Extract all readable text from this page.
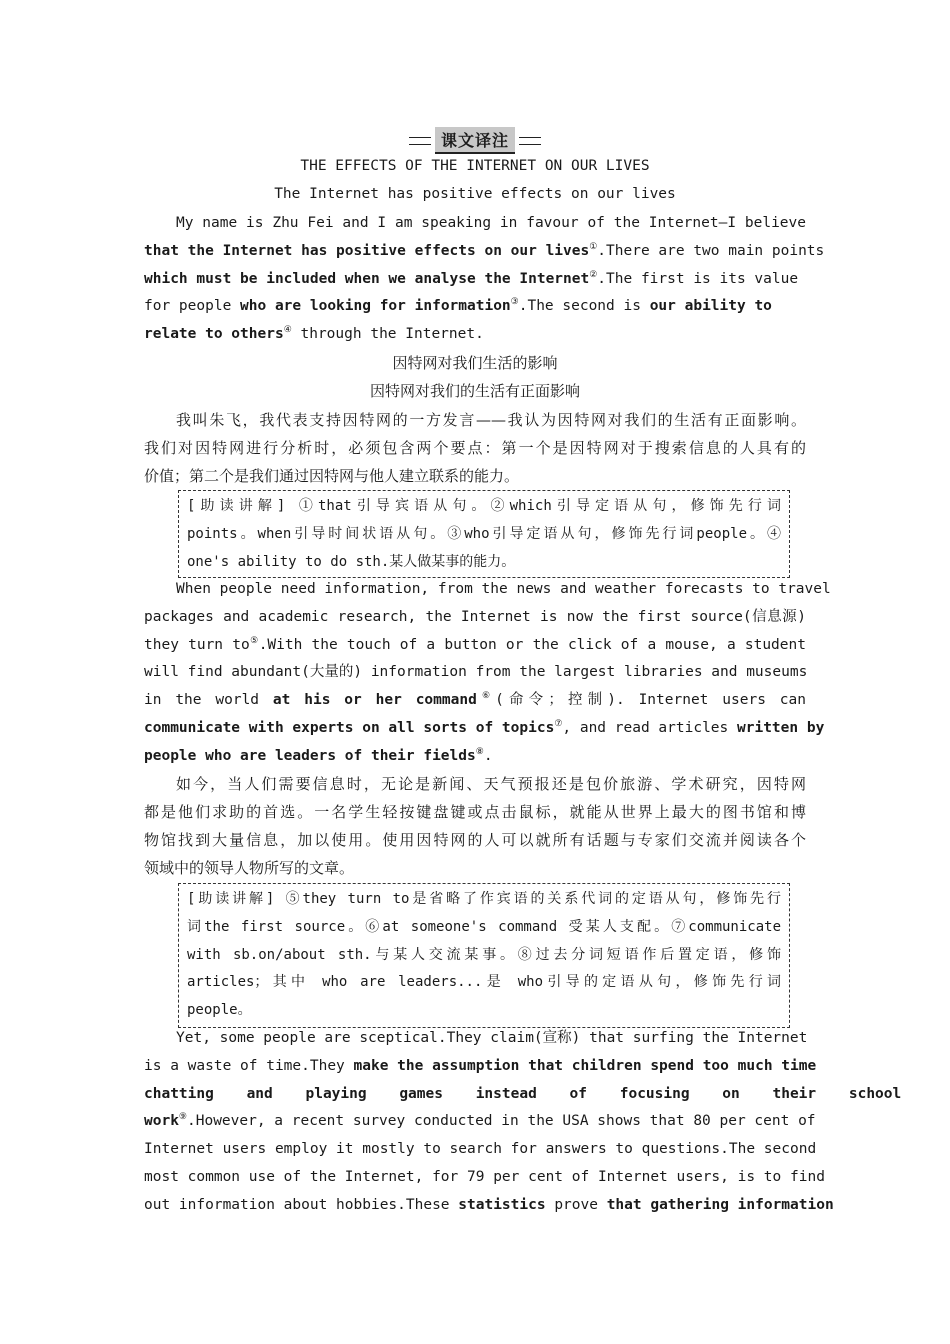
课文译注
THE EFFECTS OF THE INTERNET ON OUR LIVES
The Internet has positive effects on our lives
My name is Zhu Fei and I am speaking in favour of the Internet—I believe
that the Internet has positive effects on our lives①.There are two main points
which must be included when we analyse the Internet②.The first is its value
for people who are looking for information③.The second is our ability to
relate to others④ through the Internet.
因特网对我们生活的影响
因特网对我们的生活有正面影响
我叫朱飞，我代表支持因特网的一方发言——我认为因特网对我们的生活有正面影响。
我们对因特网进行分析时，必须包含两个要点：第一个是因特网对于搜索信息的人具有的
价值；第二个是我们通过因特网与他人建立联系的能力。
[助读讲解] ①that引导宾语从句。②which引导定语从句，修饰先行词
points。when引导时间状语从句。③who引导定语从句，修饰先行词people。④
one's ability to do sth.某人做某事的能力。
When people need information, from the news and weather forecasts to travel
packages and academic research, the Internet is now the first source(信息源)
they turn to⑤.With the touch of a button or the click of a mouse, a student
will find abundant(大量的) information from the largest libraries and museums
in the world at his or her command⑥(命令；控制). Internet users can
communicate with experts on all sorts of topics⑦, and read articles written by
people who are leaders of their fields⑧.
如今，当人们需要信息时，无论是新闻、天气预报还是包价旅游、学术研究，因特网
都是他们求助的首选。一名学生轻按键盘键或点击鼠标，就能从世界上最大的图书馆和博
物馆找到大量信息，加以使用。使用因特网的人可以就所有话题与专家们交流并阅读各个
领域中的领导人物所写的文章。
[助读讲解] ⑤they turn to是省略了作宾语的关系代词的定语从句，修饰先行
词the first source。⑥at someone's command 受某人支配。⑦communicate
with sb.on/about sth.与某人交流某事。⑧过去分词短语作后置定语，修饰
articles；其中 who are leaders...是 who引导的定语从句，修饰先行词
people。
Yet, some people are sceptical.They claim(宣称) that surfing the Internet
is a waste of time.They make the assumption that children spend too much time
chatting and playing games instead of focusing on their school
work⑨.However, a recent survey conducted in the USA shows that 80 per cent of
Internet users employ it mostly to search for answers to questions.The second
most common use of the Internet, for 79 per cent of Internet users, is to find
out information about hobbies.These statistics prove that gathering information
